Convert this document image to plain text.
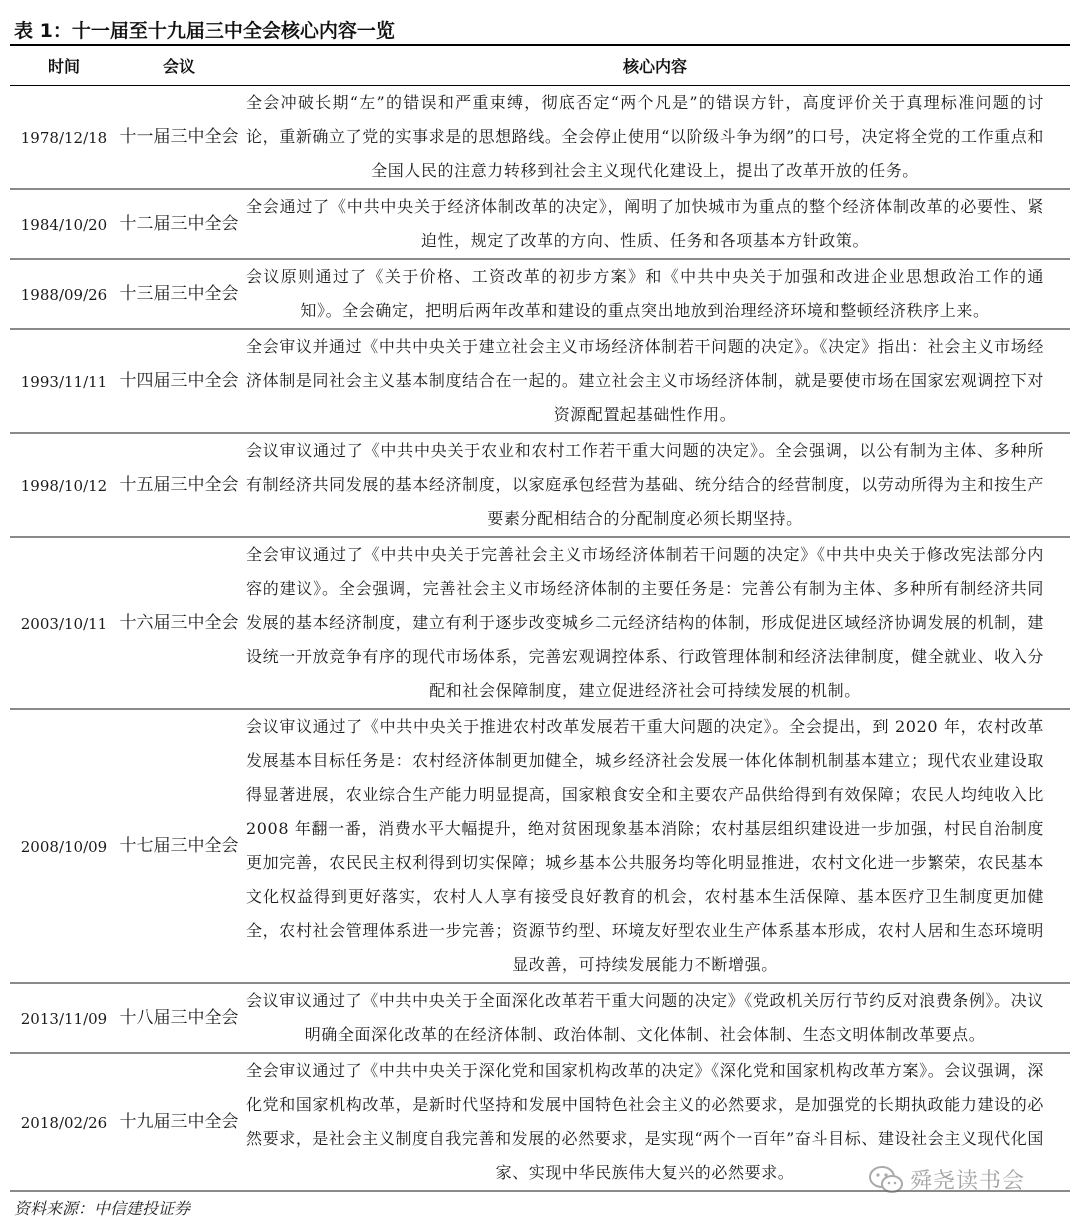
表 1：十一届至十九届三中全会核心内容一览
时间	会议	核心内容
1978/12/18	十一届三中全会	全会冲破长期“左”的错误和严重束缚，彻底否定“两个凡是”的错误方针，高度评价关于真理标准问题的讨论，重新确立了党的实事求是的思想路线。全会停止使用“以阶级斗争为纲”的口号，决定将全党的工作重点和全国人民的注意力转移到社会主义现代化建设上，提出了改革开放的任务。
1984/10/20	十二届三中全会	全会通过了《中共中央关于经济体制改革的决定》，阐明了加快城市为重点的整个经济体制改革的必要性、紧迫性，规定了改革的方向、性质、任务和各项基本方针政策。
1988/09/26	十三届三中全会	会议原则通过了《关于价格、工资改革的初步方案》和《中共中央关于加强和改进企业思想政治工作的通知》。全会确定，把明后两年改革和建设的重点突出地放到治理经济环境和整顿经济秩序上来。
1993/11/11	十四届三中全会	全会审议并通过《中共中央关于建立社会主义市场经济体制若干问题的决定》。《决定》指出：社会主义市场经济体制是同社会主义基本制度结合在一起的。建立社会主义市场经济体制，就是要使市场在国家宏观调控下对资源配置起基础性作用。
1998/10/12	十五届三中全会	会议审议通过了《中共中央关于农业和农村工作若干重大问题的决定》。全会强调，以公有制为主体、多种所有制经济共同发展的基本经济制度，以家庭承包经营为基础、统分结合的经营制度，以劳动所得为主和按生产要素分配相结合的分配制度必须长期坚持。
2003/10/11	十六届三中全会	全会审议通过了《中共中央关于完善社会主义市场经济体制若干问题的决定》《中共中央关于修改宪法部分内容的建议》。全会强调，完善社会主义市场经济体制的主要任务是：完善公有制为主体、多种所有制经济共同发展的基本经济制度，建立有利于逐步改变城乡二元经济结构的体制，形成促进区域经济协调发展的机制，建设统一开放竞争有序的现代市场体系，完善宏观调控体系、行政管理体制和经济法律制度，健全就业、收入分配和社会保障制度，建立促进经济社会可持续发展的机制。
2008/10/09	十七届三中全会	会议审议通过了《中共中央关于推进农村改革发展若干重大问题的决定》。全会提出，到 2020 年，农村改革发展基本目标任务是：农村经济体制更加健全，城乡经济社会发展一体化体制机制基本建立；现代农业建设取得显著进展，农业综合生产能力明显提高，国家粮食安全和主要农产品供给得到有效保障；农民人均纯收入比 2008 年翻一番，消费水平大幅提升，绝对贫困现象基本消除；农村基层组织建设进一步加强，村民自治制度更加完善，农民民主权利得到切实保障；城乡基本公共服务均等化明显推进，农村文化进一步繁荣，农民基本文化权益得到更好落实，农村人人享有接受良好教育的机会，农村基本生活保障、基本医疗卫生制度更加健全，农村社会管理体系进一步完善；资源节约型、环境友好型农业生产体系基本形成，农村人居和生态环境明显改善，可持续发展能力不断增强。
2013/11/09	十八届三中全会	会议审议通过了《中共中央关于全面深化改革若干重大问题的决定》《党政机关厉行节约反对浪费条例》。决议明确全面深化改革的在经济体制、政治体制、文化体制、社会体制、生态文明体制改革要点。
2018/02/26	十九届三中全会	全会审议通过了《中共中央关于深化党和国家机构改革的决定》《深化党和国家机构改革方案》。会议强调，深化党和国家机构改革，是新时代坚持和发展中国特色社会主义的必然要求，是加强党的长期执政能力建设的必然要求，是社会主义制度自我完善和发展的必然要求，是实现“两个一百年”奋斗目标、建设社会主义现代化国家、实现中华民族伟大复兴的必然要求。
资料来源：中信建投证券
舜尧读书会
